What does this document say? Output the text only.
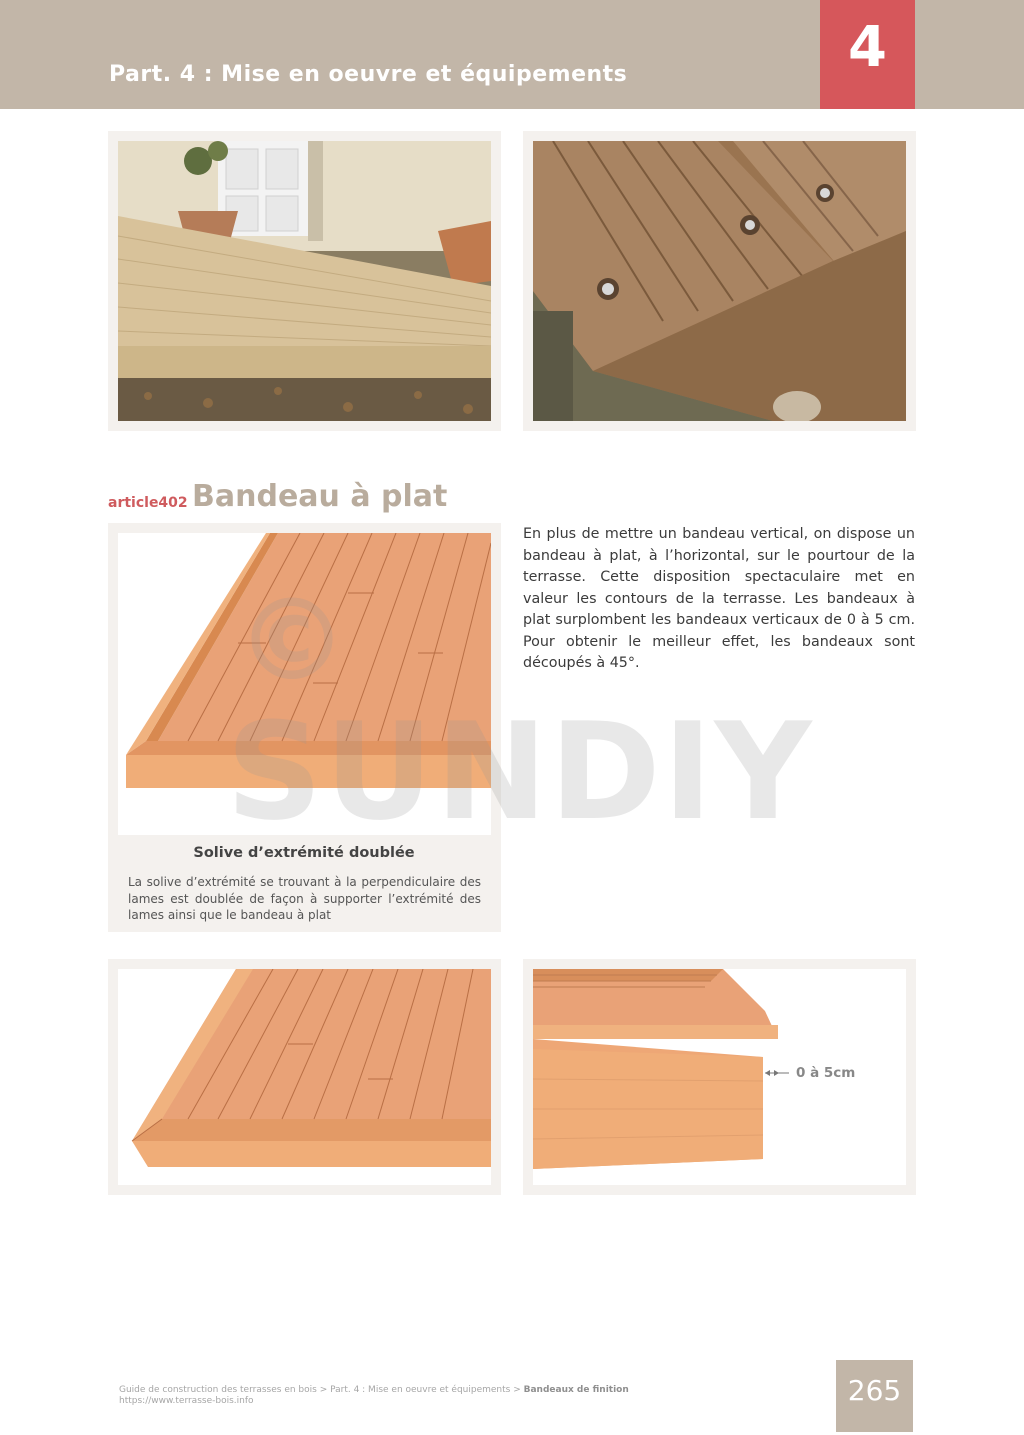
Part. 4 : Mise en oeuvre et équipements	4
article402 Bandeau à plat
Solive d’extrémité doublée
La solive d’extrémité se trouvant à la perpendiculaire des lames est doublée de façon à supporter l’extrémité des lames ainsi que le bandeau à plat
En plus de mettre un bandeau vertical, on dispose un bandeau à plat, à l’horizontal, sur le pourtour de la terrasse. Cette disposition spectaculaire met en valeur les contours de la terrasse. Les bandeaux à plat surplombent les bandeaux verticaux de 0 à 5 cm. Pour obtenir le meilleur effet, les bandeaux sont découpés à 45°.
0 à 5cm
©
SUNDIY
Guide de construction des terrasses en bois > Part. 4 : Mise en oeuvre et équipements > Bandeaux de finition
https://www.terrasse-bois.info	265
